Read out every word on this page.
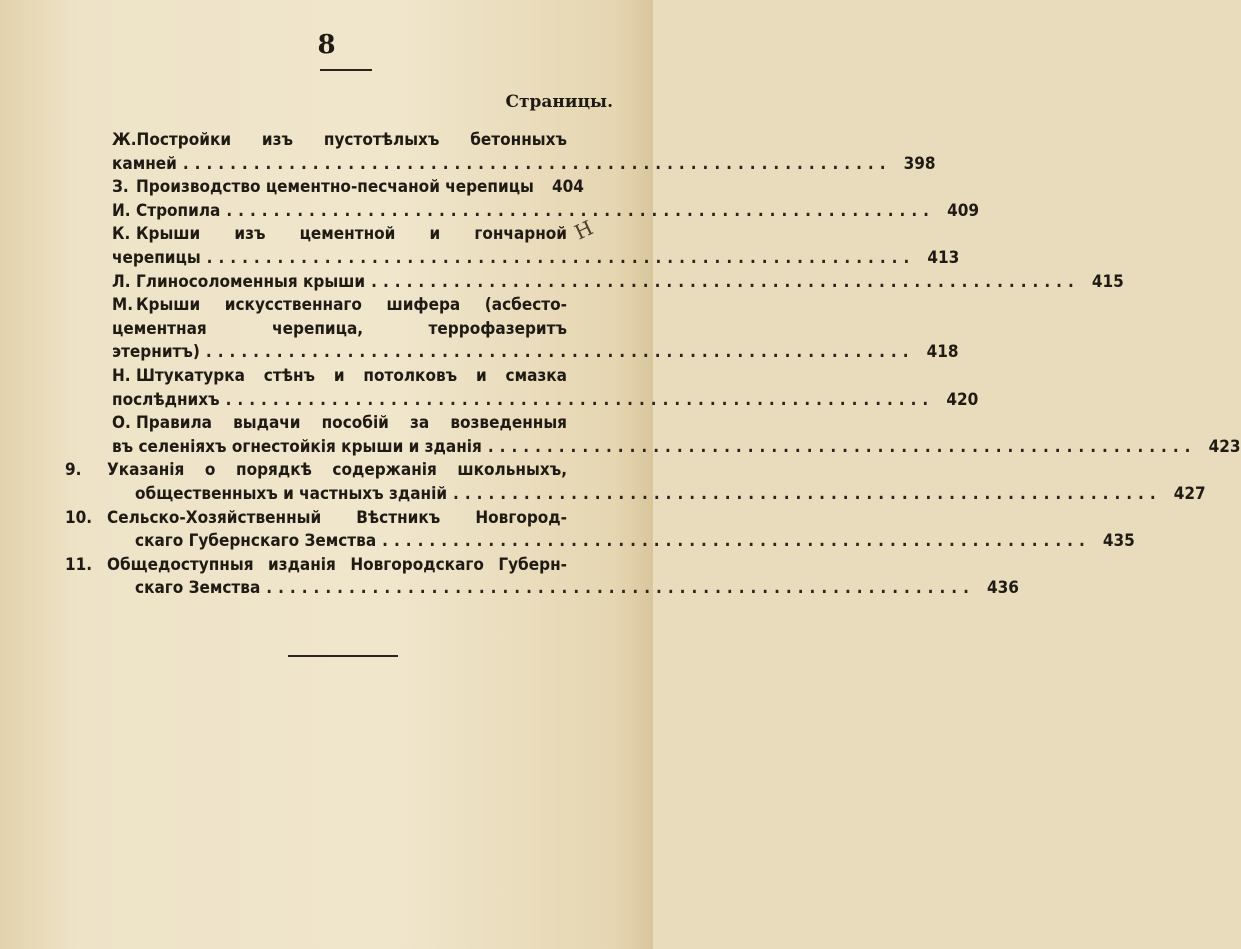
8
Страницы.
Н
Ж. Постройки изъ пустотѣлыхъ бетонныхъ
камней ............................................................ 398
З. Производство цементно-песчаной черепицы	404
И. Стропила ............................................................ 409
К. Крыши изъ цементной и гончарной
черепицы ............................................................ 413
Л. Глиносоломенныя крыши ............................................................ 415
М. Крыши искусственнаго шифера (асбесто-
цементная черепица, террофазеритъ
этернитъ) ............................................................ 418
Н. Штукатурка стѣнъ и потолковъ и смазка
послѣднихъ ............................................................ 420
О. Правила выдачи пособій за возведенныя
въ селеніяхъ огнестойкія крыши и зданія ............................................................ 423
9.	Указанія о порядкѣ содержанія школьныхъ,
общественныхъ и частныхъ зданій ............................................................ 427
10. Сельско-Хозяйственный Вѣстникъ Новгород-
скаго Губернскаго Земства ............................................................ 435
11. Общедоступныя изданія Новгородскаго Губерн-
скаго Земства ............................................................ 436
